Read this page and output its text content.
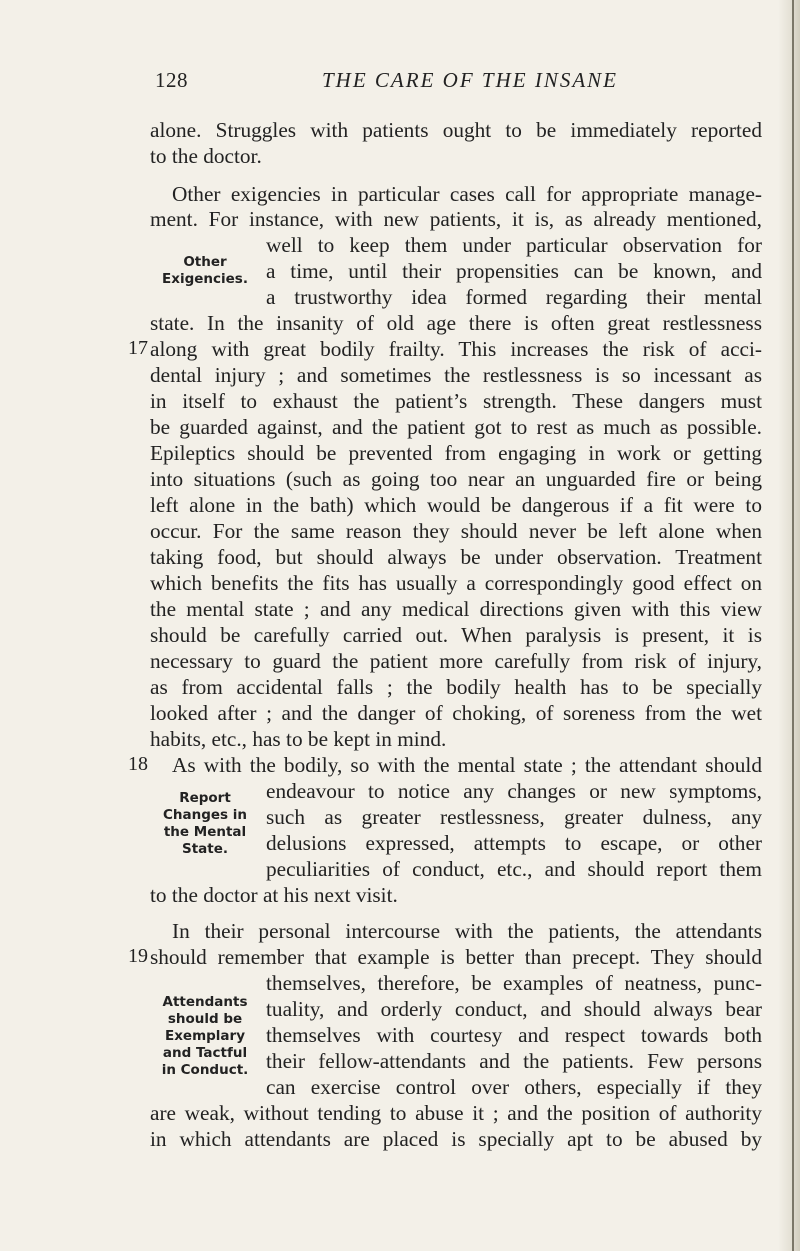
128	THE CARE OF THE INSANE
alone. Struggles with patients ought to be immediately reported
to the doctor.
Other exigencies in particular cases call for appropriate manage-
ment. For instance, with new patients, it is, as already mentioned,
well to keep them under particular observation for
a time, until their propensities can be known, and
a trustworthy idea formed regarding their mental
state. In the insanity of old age there is often great restlessness
along with great bodily frailty. This increases the risk of acci-
dental injury ; and sometimes the restlessness is so incessant as
in itself to exhaust the patient’s strength. These dangers must
be guarded against, and the patient got to rest as much as possible.
Epileptics should be prevented from engaging in work or getting
into situations (such as going too near an unguarded fire or being
left alone in the bath) which would be dangerous if a fit were to
occur. For the same reason they should never be left alone when
taking food, but should always be under observation. Treatment
which benefits the fits has usually a correspondingly good effect on
the mental state ; and any medical directions given with this view
should be carefully carried out. When paralysis is present, it is
necessary to guard the patient more carefully from risk of injury,
as from accidental falls ; the bodily health has to be specially
looked after ; and the danger of choking, of soreness from the wet
habits, etc., has to be kept in mind.
As with the bodily, so with the mental state ; the attendant should
endeavour to notice any changes or new symptoms,
such as greater restlessness, greater dulness, any
delusions expressed, attempts to escape, or other
peculiarities of conduct, etc., and should report them
to the doctor at his next visit.
In their personal intercourse with the patients, the attendants
should remember that example is better than precept. They should
themselves, therefore, be examples of neatness, punc-
tuality, and orderly conduct, and should always bear
themselves with courtesy and respect towards both
their fellow-attendants and the patients. Few persons
can exercise control over others, especially if they
are weak, without tending to abuse it ; and the position of authority
in which attendants are placed is specially apt to be abused by
17
18
19
Other
Exigencies.
Report
Changes in
the Mental
State.
Attendants
should be
Exemplary
and Tactful
in Conduct.
